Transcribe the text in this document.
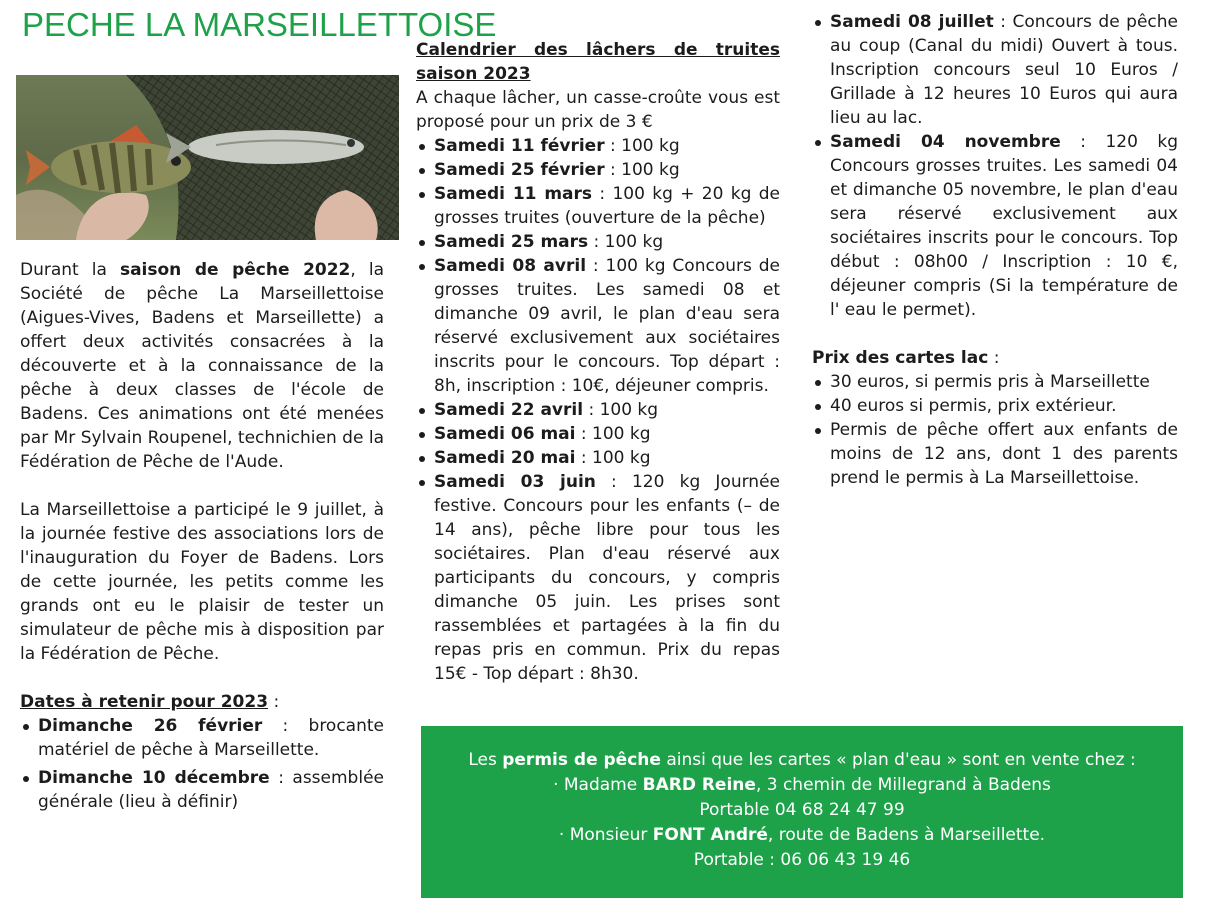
PECHE LA MARSEILLETTOISE

Durant la saison de pêche 2022, la Société de pêche La Marseillettoise (Aigues-Vives, Badens et Marseillette) a offert deux activités consacrées à la découverte et à la connaissance de la pêche à deux classes de l'école de Badens. Ces animations ont été menées par Mr Sylvain Roupenel, technichien de la Fédération de Pêche de l'Aude.

La Marseillettoise a participé le 9 juillet, à la journée festive des associations lors de l'inauguration du Foyer de Badens. Lors de cette journée, les petits comme les grands ont eu le plaisir de tester un simulateur de pêche mis à disposition par la Fédération de Pêche.

Dates à retenir pour 2023 :

Dimanche 26 février : brocante matériel de pêche à Marseillette.
Dimanche 10 décembre : assemblée générale (lieu à définir)

Calendrier des lâchers de truites saison 2023

A chaque lâcher, un casse-croûte vous est proposé pour un prix de 3 €

Samedi 11 février : 100 kg
Samedi 25 février : 100 kg
Samedi 11 mars : 100 kg + 20 kg de grosses truites (ouverture de la pêche)
Samedi 25 mars : 100 kg
Samedi 08 avril : 100 kg Concours de grosses truites. Les samedi 08 et dimanche 09 avril, le plan d'eau sera réservé exclusivement aux sociétaires inscrits pour le concours. Top départ : 8h, inscription : 10€, déjeuner compris.
Samedi 22 avril : 100 kg
Samedi 06 mai : 100 kg
Samedi 20 mai : 100 kg
Samedi 03 juin : 120 kg Journée festive. Concours pour les enfants (– de 14 ans), pêche libre pour tous les sociétaires. Plan d'eau réservé aux participants du concours, y compris dimanche 05 juin. Les prises sont rassemblées et partagées à la fin du repas pris en commun. Prix du repas 15€ - Top départ : 8h30.
Samedi 08 juillet : Concours de pêche au coup (Canal du midi) Ouvert à tous. Inscription concours seul 10 Euros / Grillade à 12 heures 10 Euros qui aura lieu au lac.
Samedi 04 novembre : 120 kg Concours grosses truites. Les samedi 04 et dimanche 05 novembre, le plan d'eau sera réservé exclusivement aux sociétaires inscrits pour le concours. Top début : 08h00 / Inscription : 10 €, déjeuner compris (Si la température de l' eau le permet).

Prix des cartes lac :

30 euros, si permis pris à Marseillette
40 euros si permis, prix extérieur.
Permis de pêche offert aux enfants de moins de 12 ans, dont 1 des parents prend le permis à La Marseillettoise.

Les permis de pêche ainsi que les cartes « plan d'eau » sont en vente chez :

· Madame BARD Reine, 3 chemin de Millegrand à Badens

Portable 04 68 24 47 99

· Monsieur FONT André, route de Badens à Marseillette.

Portable : 06 06 43 19 46
